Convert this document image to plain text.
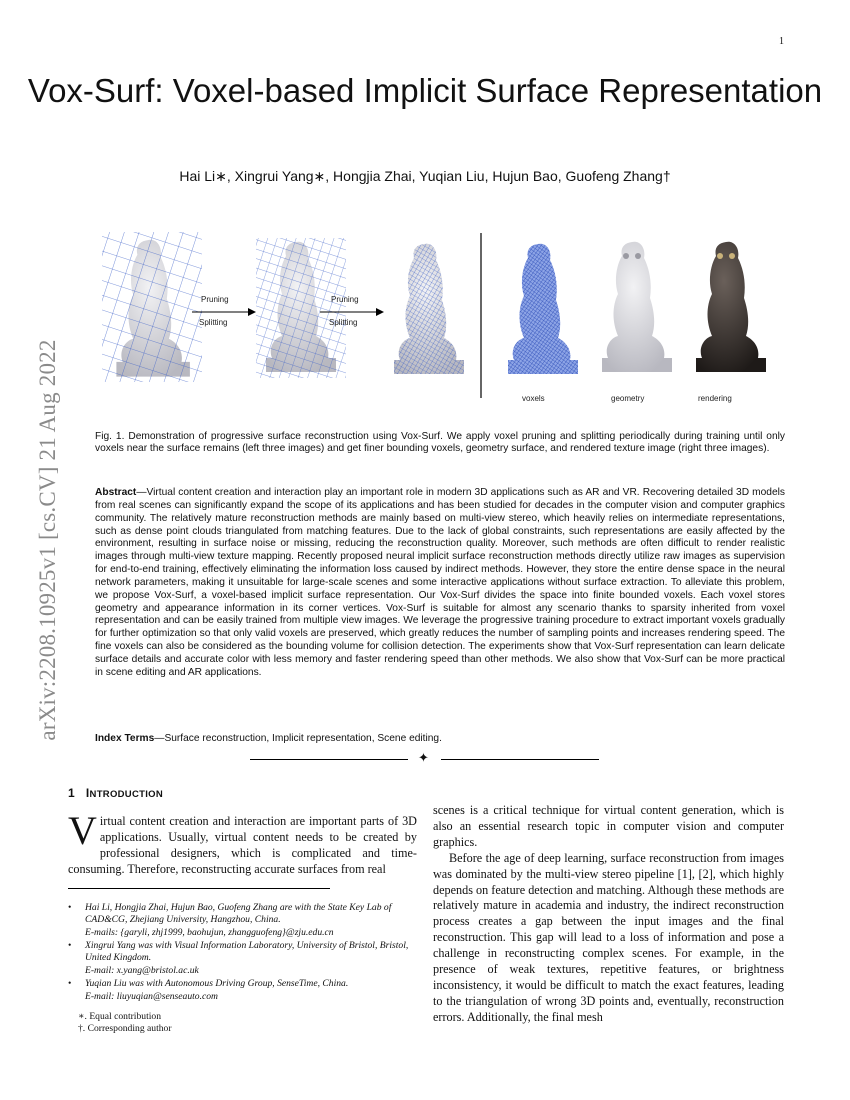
1
arXiv:2208.10925v1 [cs.CV] 21 Aug 2022
Vox-Surf: Voxel-based Implicit Surface Representation
Hai Li∗, Xingrui Yang∗, Hongjia Zhai, Yuqian Liu, Hujun Bao, Guofeng Zhang†
Pruning
Splitting
Pruning
Splitting
voxels	geometry	rendering
Fig. 1. Demonstration of progressive surface reconstruction using Vox-Surf. We apply voxel pruning and splitting periodically during training until only voxels near the surface remains (left three images) and get finer bounding voxels, geometry surface, and rendered texture image (right three images).
Abstract—Virtual content creation and interaction play an important role in modern 3D applications such as AR and VR. Recovering detailed 3D models from real scenes can significantly expand the scope of its applications and has been studied for decades in the computer vision and computer graphics community. The relatively mature reconstruction methods are mainly based on multi-view stereo, which heavily relies on intermediate representations, such as dense point clouds triangulated from matching features. Due to the lack of global constraints, such representations are easily affected by the environment, resulting in surface noise or missing, reducing the reconstruction quality. Moreover, such methods are often difficult to render realistic images through multi-view texture mapping. Recently proposed neural implicit surface reconstruction methods directly utilize raw images as supervision for end-to-end training, effectively eliminating the information loss caused by indirect methods. However, they store the entire dense space in the neural network parameters, making it unsuitable for large-scale scenes and some interactive applications without surface extraction. To alleviate this problem, we propose Vox-Surf, a voxel-based implicit surface representation. Our Vox-Surf divides the space into finite bounded voxels. Each voxel stores geometry and appearance information in its corner vertices. Vox-Surf is suitable for almost any scenario thanks to sparsity inherited from voxel representation and can be easily trained from multiple view images. We leverage the progressive training procedure to extract important voxels gradually for further optimization so that only valid voxels are preserved, which greatly reduces the number of sampling points and increases rendering speed. The fine voxels can also be considered as the bounding volume for collision detection. The experiments show that Vox-Surf representation can learn delicate surface details and accurate color with less memory and faster rendering speed than other methods. We also show that Vox-Surf can be more practical in scene editing and AR applications.
Index Terms—Surface reconstruction, Implicit representation, Scene editing.
✦
1 INTRODUCTION
Virtual content creation and interaction are important parts of 3D applications. Usually, virtual content needs to be created by professional designers, which is complicated and time-consuming. Therefore, reconstructing accurate surfaces from real
• Hai Li, Hongjia Zhai, Hujun Bao, Guofeng Zhang are with the State Key Lab of CAD&CG, Zhejiang University, Hangzhou, China.
E-mails: {garyli, zhj1999, baohujun, zhangguofeng}@zju.edu.cn
• Xingrui Yang was with Visual Information Laboratory, University of Bristol, Bristol, United Kingdom.
E-mail: x.yang@bristol.ac.uk
• Yuqian Liu was with Autonomous Driving Group, SenseTime, China.
E-mail: liuyuqian@senseauto.com
∗. Equal contribution
†. Corresponding author
scenes is a critical technique for virtual content generation, which is also an essential research topic in computer vision and computer graphics.
Before the age of deep learning, surface reconstruction from images was dominated by the multi-view stereo pipeline [1], [2], which highly depends on feature detection and matching. Although these methods are relatively mature in academia and industry, the indirect reconstruction process creates a gap between the input images and the final reconstruction. This gap will lead to a loss of information and pose a challenge in reconstructing complex scenes. For example, in the presence of weak textures, repetitive features, or brightness inconsistency, it would be difficult to match the exact features, leading to the triangulation of wrong 3D points and, eventually, reconstruction errors. Additionally, the final mesh
